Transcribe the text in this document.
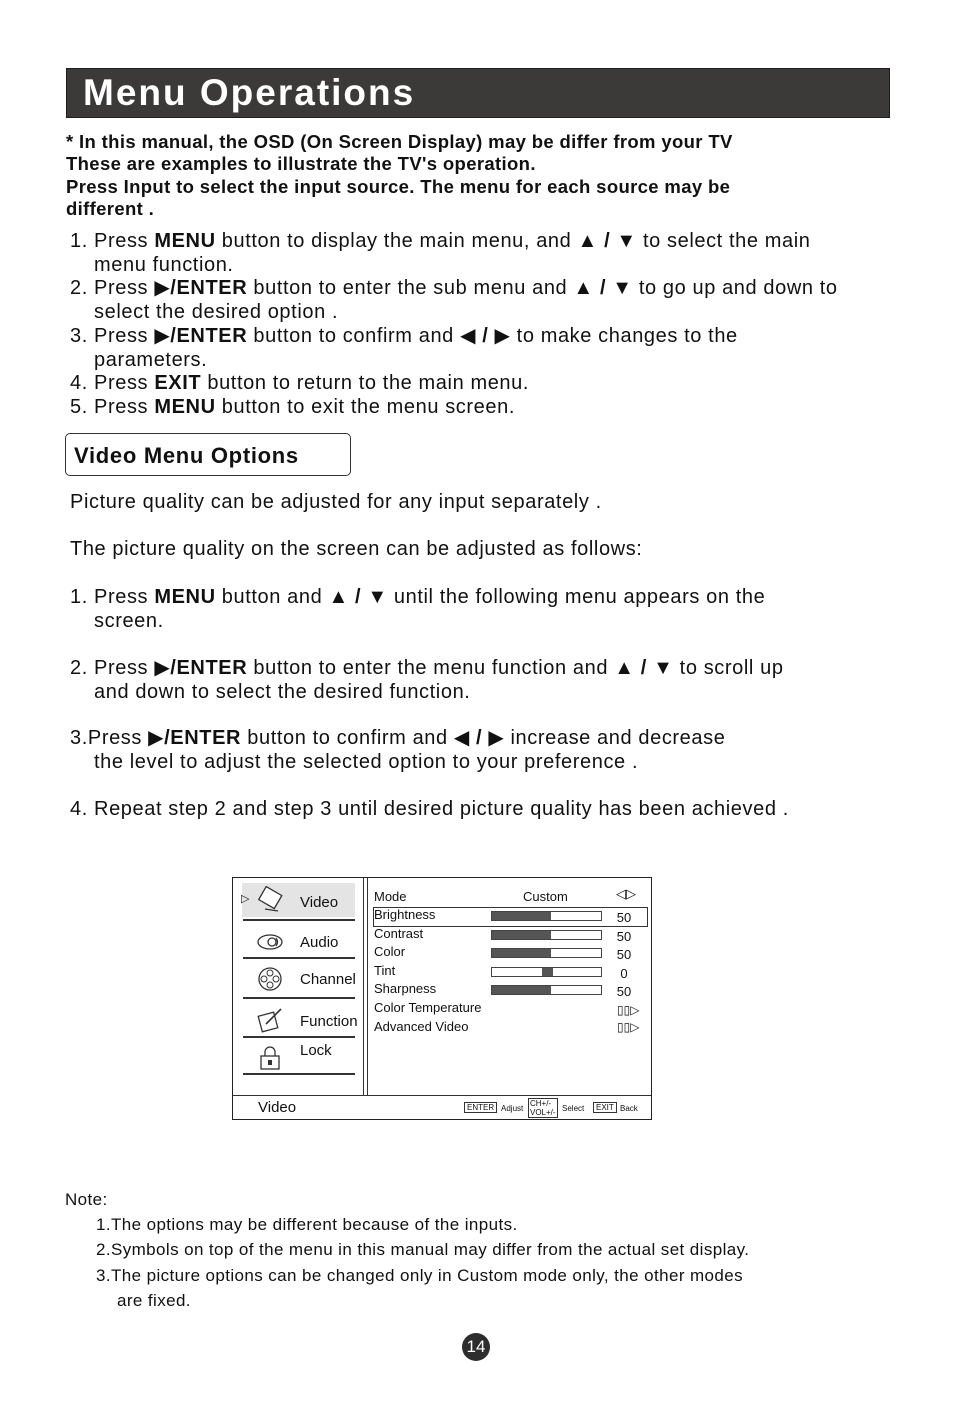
Menu Operations
* In this manual, the OSD (On Screen Display) may be differ from your TV
These are examples to illustrate the TV's operation.
Press Input to select the input source. The menu for each source may be
different .
1. Press MENU button to display the main menu, and ▲ / ▼ to select the main
menu function.
2. Press ▶/ENTER button to enter the sub menu and ▲ / ▼ to go up and down to
select the desired option .
3. Press ▶/ENTER button to confirm and ◀ / ▶ to make changes to the
parameters.
4. Press EXIT button to return to the main menu.
5. Press MENU button to exit the menu screen.
Video Menu Options
Picture quality can be adjusted for any input separately .
The picture quality on the screen can be adjusted as follows:
1. Press MENU button and ▲ / ▼ until the following menu appears on the
screen.
2. Press ▶/ENTER button to enter the menu function and ▲ / ▼ to scroll up
and down to select the desired function.
3.Press ▶/ENTER button to confirm and ◀ / ▶ increase and decrease
the level to adjust the selected option to your preference .
4. Repeat step 2 and step 3 until desired picture quality has been achieved .
▷	Video
Audio
Channel
Function
Lock
Mode	Custom	◁▷
Brightness	50
Contrast	50
Color	50
Tint	0
Sharpness	50
Color Temperature	▯▯▷
Advanced Video	▯▯▷
Video	ENTER Adjust
CH+/-
VOL+/- Select	EXIT Back
Note:
1.The options may be different because of the inputs.
2.Symbols on top of the menu in this manual may differ from the actual set display.
3.The picture options can be changed only in Custom mode only, the other modes
are fixed.
14
